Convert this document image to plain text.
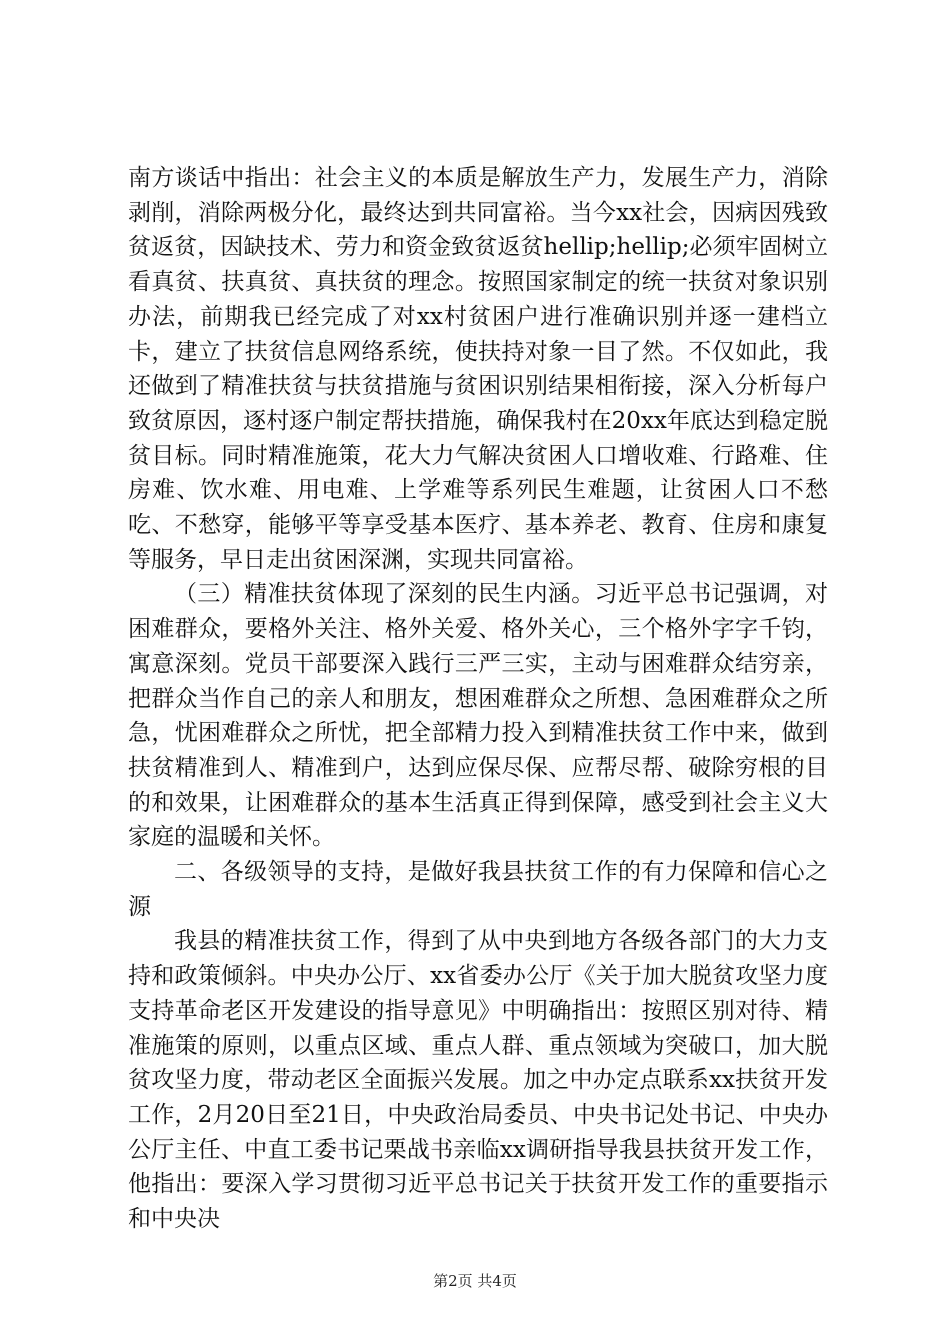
南方谈话中指出：社会主义的本质是解放生产力，发展生产力，消除剥削，消除两极分化，最终达到共同富裕。当今xx社会，因病因残致贫返贫，因缺技术、劳力和资金致贫返贫hellip;hellip;必须牢固树立看真贫、扶真贫、真扶贫的理念。按照国家制定的统一扶贫对象识别办法，前期我已经完成了对xx村贫困户进行准确识别并逐一建档立卡，建立了扶贫信息网络系统，使扶持对象一目了然。不仅如此，我还做到了精准扶贫与扶贫措施与贫困识别结果相衔接，深入分析每户致贫原因，逐村逐户制定帮扶措施，确保我村在20xx年底达到稳定脱贫目标。同时精准施策，花大力气解决贫困人口增收难、行路难、住房难、饮水难、用电难、上学难等系列民生难题，让贫困人口不愁吃、不愁穿，能够平等享受基本医疗、基本养老、教育、住房和康复等服务，早日走出贫困深渊，实现共同富裕。

（三）精准扶贫体现了深刻的民生内涵。习近平总书记强调，对困难群众，要格外关注、格外关爱、格外关心，三个格外字字千钧，寓意深刻。党员干部要深入践行三严三实，主动与困难群众结穷亲，把群众当作自己的亲人和朋友，想困难群众之所想、急困难群众之所急，忧困难群众之所忧，把全部精力投入到精准扶贫工作中来，做到扶贫精准到人、精准到户，达到应保尽保、应帮尽帮、破除穷根的目的和效果，让困难群众的基本生活真正得到保障，感受到社会主义大家庭的温暖和关怀。

二、各级领导的支持，是做好我县扶贫工作的有力保障和信心之源

我县的精准扶贫工作，得到了从中央到地方各级各部门的大力支持和政策倾斜。中央办公厅、xx省委办公厅《关于加大脱贫攻坚力度支持革命老区开发建设的指导意见》中明确指出：按照区别对待、精准施策的原则，以重点区域、重点人群、重点领域为突破口，加大脱贫攻坚力度，带动老区全面振兴发展。加之中办定点联系xx扶贫开发工作，2月20日至21日，中央政治局委员、中央书记处书记、中央办公厅主任、中直工委书记栗战书亲临xx调研指导我县扶贫开发工作，他指出：要深入学习贯彻习近平总书记关于扶贫开发工作的重要指示和中央决

第2页 共4页
